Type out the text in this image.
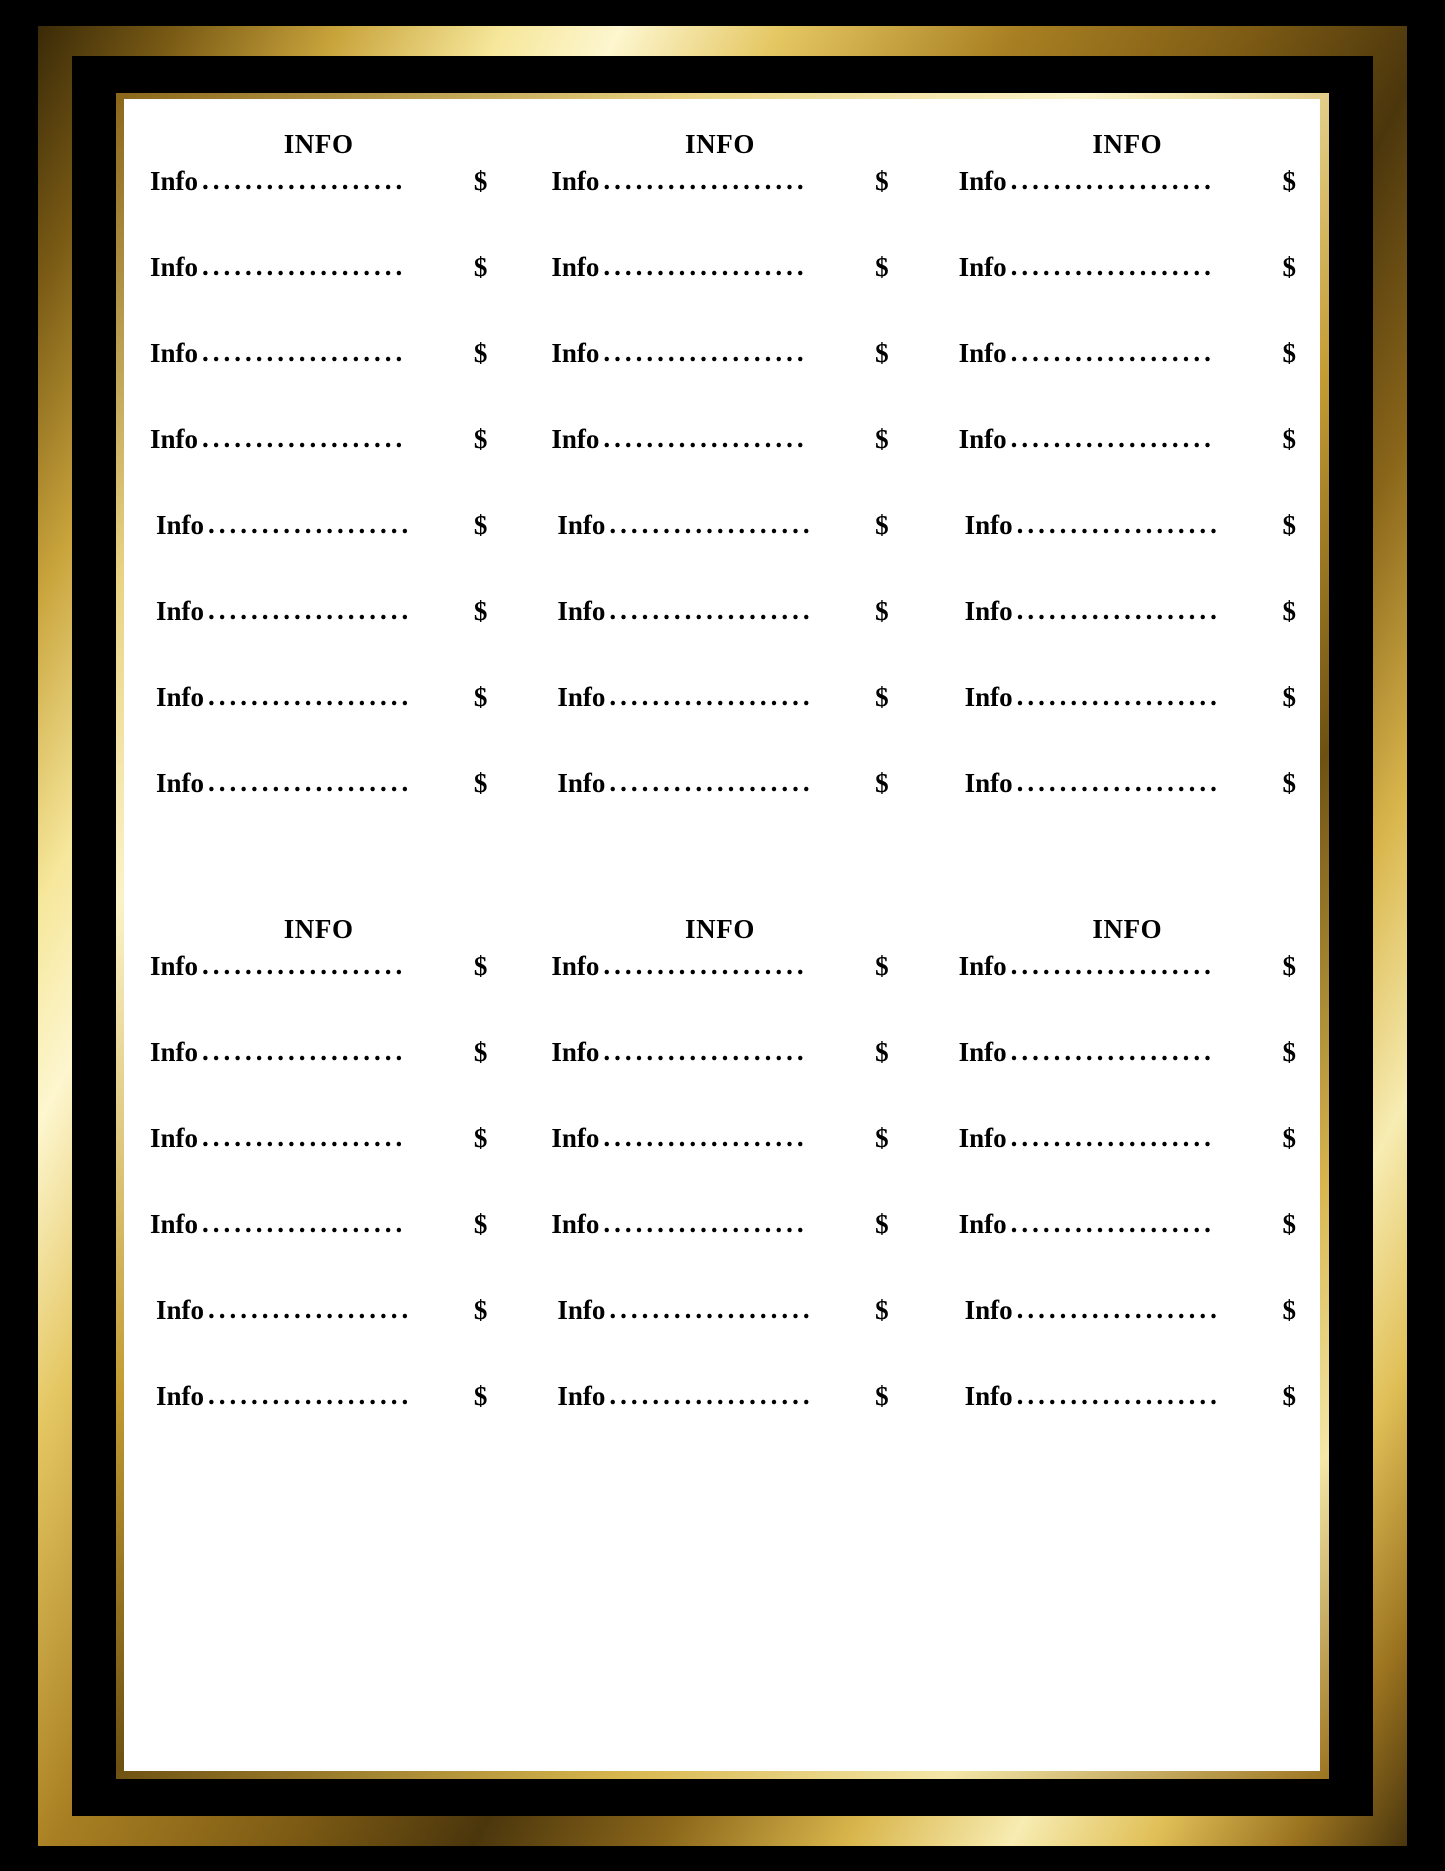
INFO
Info ...................	$
Info ...................	$
Info ...................	$
Info ...................	$
Info ...................	$
Info ...................	$
Info ...................	$
Info ...................	$
INFO
Info ...................	$
Info ...................	$
Info ...................	$
Info ...................	$
Info ...................	$
Info ...................	$
Info ...................	$
Info ...................	$
INFO
Info ...................	$
Info ...................	$
Info ...................	$
Info ...................	$
Info ...................	$
Info ...................	$
Info ...................	$
Info ...................	$
INFO
Info ...................	$
Info ...................	$
Info ...................	$
Info ...................	$
Info ...................	$
Info ...................	$
INFO
Info ...................	$
Info ...................	$
Info ...................	$
Info ...................	$
Info ...................	$
Info ...................	$
INFO
Info ...................	$
Info ...................	$
Info ...................	$
Info ...................	$
Info ...................	$
Info ...................	$
